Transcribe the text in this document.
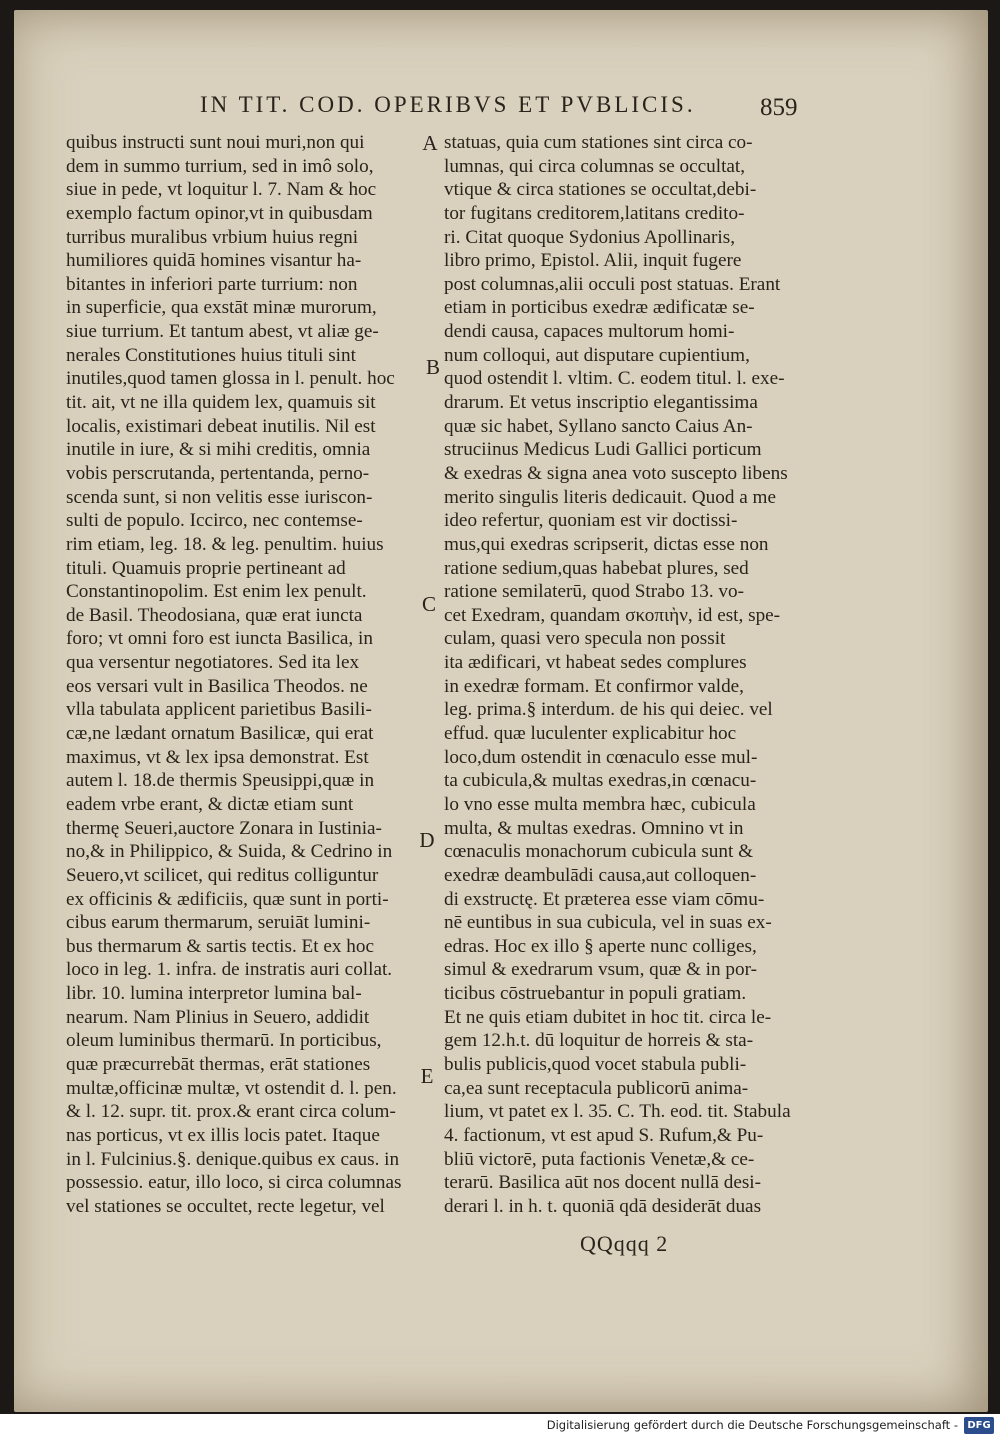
IN TIT. COD. OPERIBVS ET PVBLICIS.	859
quibus instructi sunt noui muri,non qui
dem in summo turrium, sed in imô solo,
siue in pede, vt loquitur l. 7. Nam & hoc
exemplo factum opinor,vt in quibusdam
turribus muralibus vrbium huius regni
humiliores quidā homines visantur ha-
bitantes in inferiori parte turrium: non
in superficie, qua exstāt minæ murorum,
siue turrium. Et tantum abest, vt aliæ ge-
nerales Constitutiones huius tituli sint
inutiles,quod tamen glossa in l. penult. hoc
tit. ait, vt ne illa quidem lex, quamuis sit
localis, existimari debeat inutilis. Nil est
inutile in iure, & si mihi creditis, omnia
vobis perscrutanda, pertentanda, perno-
scenda sunt, si non velitis esse iuriscon-
sulti de populo. Iccirco, nec contemse-
rim etiam, leg. 18. & leg. penultim. huius
tituli. Quamuis proprie pertineant ad
Constantinopolim. Est enim lex penult.
de Basil. Theodosiana, quæ erat iuncta
foro; vt omni foro est iuncta Basilica, in
qua versentur negotiatores. Sed ita lex
eos versari vult in Basilica Theodos. ne
vlla tabulata applicent parietibus Basili-
cæ,ne lædant ornatum Basilicæ, qui erat
maximus, vt & lex ipsa demonstrat. Est
autem l. 18.de thermis Speusippi,quæ in
eadem vrbe erant, & dictæ etiam sunt
thermę Seueri,auctore Zonara in Iustinia-
no,& in Philippico, & Suida, & Cedrino in
Seuero,vt scilicet, qui reditus colliguntur
ex officinis & ædificiis, quæ sunt in porti-
cibus earum thermarum, seruiāt lumini-
bus thermarum & sartis tectis. Et ex hoc
loco in leg. 1. infra. de instratis auri collat.
libr. 10. lumina interpretor lumina bal-
nearum. Nam Plinius in Seuero, addidit
oleum luminibus thermarū. In porticibus,
quæ præcurrebāt thermas, erāt stationes
multæ,officinæ multæ, vt ostendit d. l. pen.
& l. 12. supr. tit. prox.& erant circa colum-
nas porticus, vt ex illis locis patet. Itaque
in l. Fulcinius.§. denique.quibus ex caus. in
possessio. eatur, illo loco, si circa columnas
vel stationes se occultet, recte legetur, vel
statuas, quia cum stationes sint circa co-
lumnas, qui circa columnas se occultat,
vtique & circa stationes se occultat,debi-
tor fugitans creditorem,latitans credito-
ri. Citat quoque Sydonius Apollinaris,
libro primo, Epistol. Alii, inquit fugere
post columnas,alii occuli post statuas. Erant
etiam in porticibus exedræ ædificatæ se-
dendi causa, capaces multorum homi-
num colloqui, aut disputare cupientium,
quod ostendit l. vltim. C. eodem titul. l. exe-
drarum. Et vetus inscriptio elegantissima
quæ sic habet, Syllano sancto Caius An-
struciinus Medicus Ludi Gallici porticum
& exedras & signa anea voto suscepto libens
merito singulis literis dedicauit. Quod a me
ideo refertur, quoniam est vir doctissi-
mus,qui exedras scripserit, dictas esse non
ratione sedium,quas habebat plures, sed
ratione semilaterū, quod Strabo 13. vo-
cet Exedram, quandam σκοπιὴν, id est, spe-
culam, quasi vero specula non possit
ita ædificari, vt habeat sedes complures
in exedræ formam. Et confirmor valde,
leg. prima.§ interdum. de his qui deiec. vel
effud. quæ luculenter explicabitur hoc
loco,dum ostendit in cœnaculo esse mul-
ta cubicula,& multas exedras,in cœnacu-
lo vno esse multa membra hæc, cubicula
multa, & multas exedras. Omnino vt in
cœnaculis monachorum cubicula sunt &
exedræ deambulādi causa,aut colloquen-
di exstructę. Et præterea esse viam cōmu-
nē euntibus in sua cubicula, vel in suas ex-
edras. Hoc ex illo § aperte nunc colliges,
simul & exedrarum vsum, quæ & in por-
ticibus cōstruebantur in populi gratiam.
Et ne quis etiam dubitet in hoc tit. circa le-
gem 12.h.t. dū loquitur de horreis & sta-
bulis publicis,quod vocet stabula publi-
ca,ea sunt receptacula publicorū anima-
lium, vt patet ex l. 35. C. Th. eod. tit. Stabula
4. factionum, vt est apud S. Rufum,& Pu-
bliū victorē, puta factionis Venetæ,& ce-
terarū. Basilica aūt nos docent nullā desi-
derari l. in h. t. quoniā qdā desiderāt duas
A
B
C
D
E
QQqqq 2
Digitalisierung gefördert durch die Deutsche Forschungsgemeinschaft - DFG
